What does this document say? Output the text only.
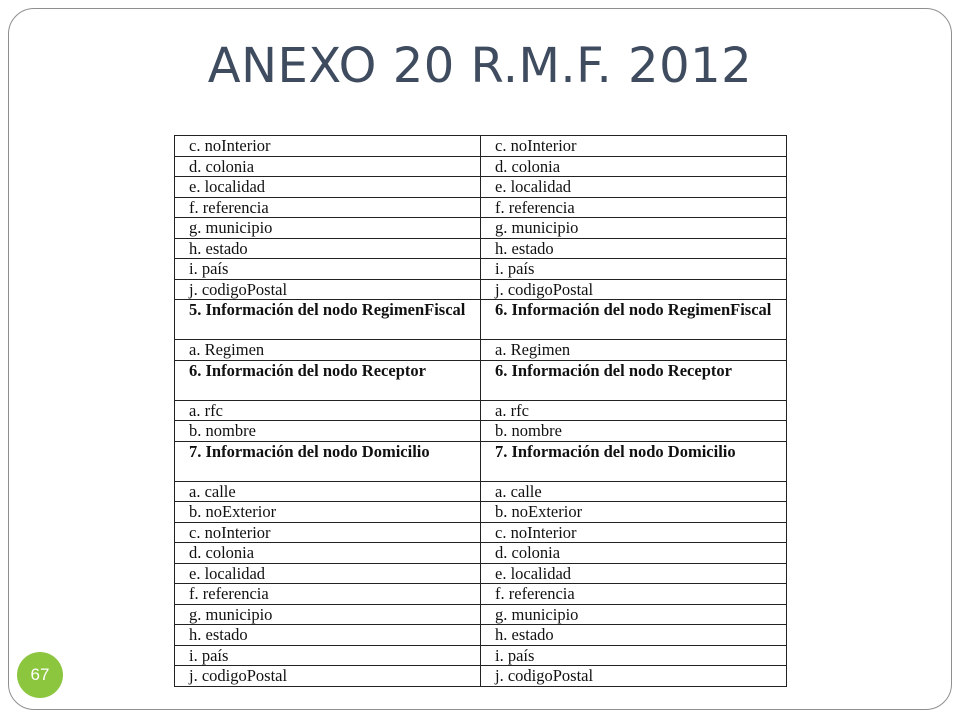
ANEXO 20 R.M.F. 2012
c. noInterior	c. noInterior
d. colonia	d. colonia
e. localidad	e. localidad
f. referencia	f. referencia
g. municipio	g. municipio
h. estado	h. estado
i. país	i. país
j. codigoPostal	j. codigoPostal
5. Información del nodo RegimenFiscal	6. Información del nodo RegimenFiscal
a. Regimen	a. Regimen
6. Información del nodo Receptor	6. Información del nodo Receptor
a. rfc	a. rfc
b. nombre	b. nombre
7. Información del nodo Domicilio	7. Información del nodo Domicilio
a. calle	a. calle
b. noExterior	b. noExterior
c. noInterior	c. noInterior
d. colonia	d. colonia
e. localidad	e. localidad
f. referencia	f. referencia
g. municipio	g. municipio
h. estado	h. estado
i. país	i. país
j. codigoPostal	j. codigoPostal
67
